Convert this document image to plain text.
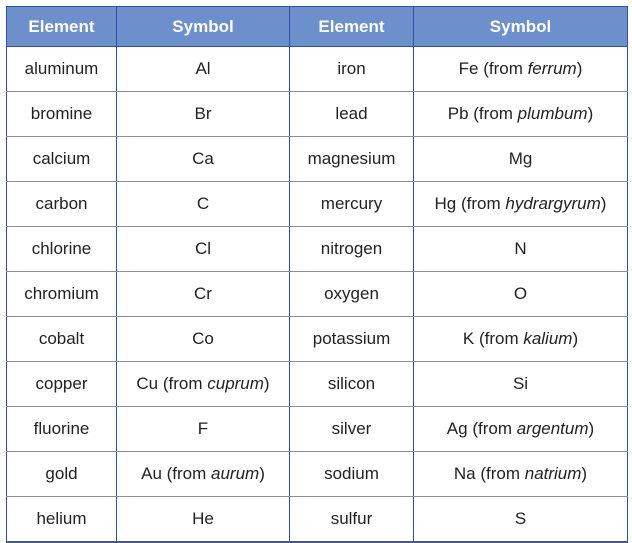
Element	Symbol	Element	Symbol
aluminum	Al	iron	Fe (from ferrum)
bromine	Br	lead	Pb (from plumbum)
calcium	Ca	magnesium	Mg
carbon	C	mercury	Hg (from hydrargyrum)
chlorine	Cl	nitrogen	N
chromium	Cr	oxygen	O
cobalt	Co	potassium	K (from kalium)
copper	Cu (from cuprum)	silicon	Si
fluorine	F	silver	Ag (from argentum)
gold	Au (from aurum)	sodium	Na (from natrium)
helium	He	sulfur	S
